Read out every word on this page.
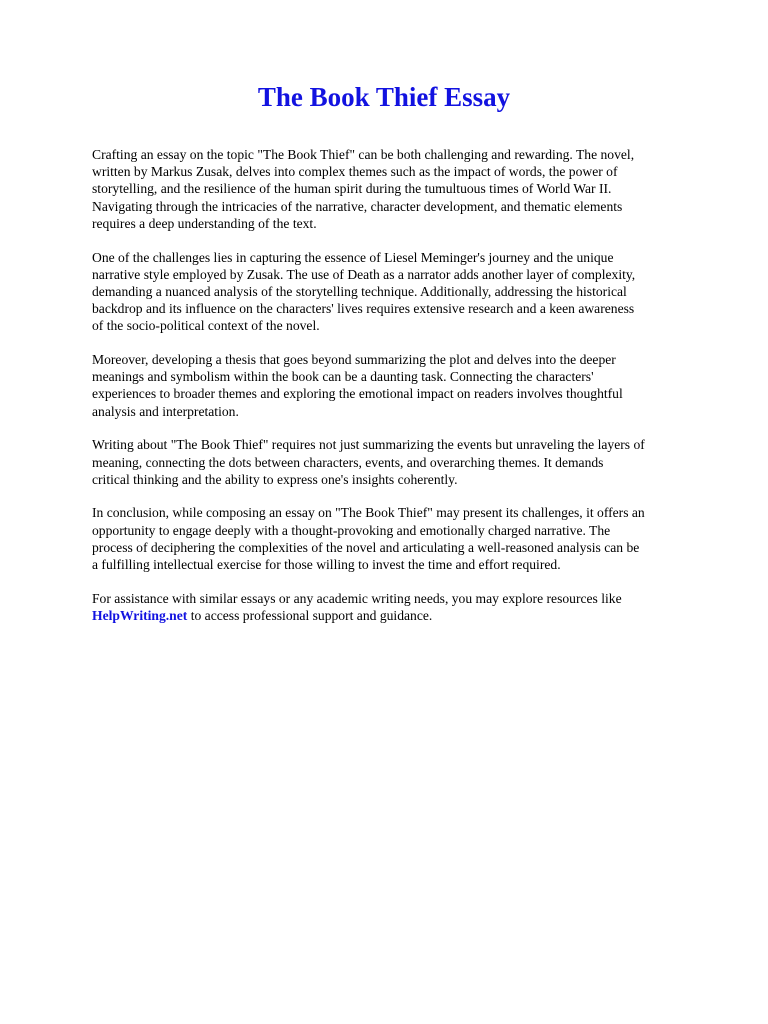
The Book Thief Essay

Crafting an essay on the topic "The Book Thief" can be both challenging and rewarding. The novel,
written by Markus Zusak, delves into complex themes such as the impact of words, the power of
storytelling, and the resilience of the human spirit during the tumultuous times of World War II.
Navigating through the intricacies of the narrative, character development, and thematic elements
requires a deep understanding of the text.

One of the challenges lies in capturing the essence of Liesel Meminger's journey and the unique
narrative style employed by Zusak. The use of Death as a narrator adds another layer of complexity,
demanding a nuanced analysis of the storytelling technique. Additionally, addressing the historical
backdrop and its influence on the characters' lives requires extensive research and a keen awareness
of the socio-political context of the novel.

Moreover, developing a thesis that goes beyond summarizing the plot and delves into the deeper
meanings and symbolism within the book can be a daunting task. Connecting the characters'
experiences to broader themes and exploring the emotional impact on readers involves thoughtful
analysis and interpretation.

Writing about "The Book Thief" requires not just summarizing the events but unraveling the layers of
meaning, connecting the dots between characters, events, and overarching themes. It demands
critical thinking and the ability to express one's insights coherently.

In conclusion, while composing an essay on "The Book Thief" may present its challenges, it offers an
opportunity to engage deeply with a thought-provoking and emotionally charged narrative. The
process of deciphering the complexities of the novel and articulating a well-reasoned analysis can be
a fulfilling intellectual exercise for those willing to invest the time and effort required.

For assistance with similar essays or any academic writing needs, you may explore resources like
HelpWriting.net to access professional support and guidance.
